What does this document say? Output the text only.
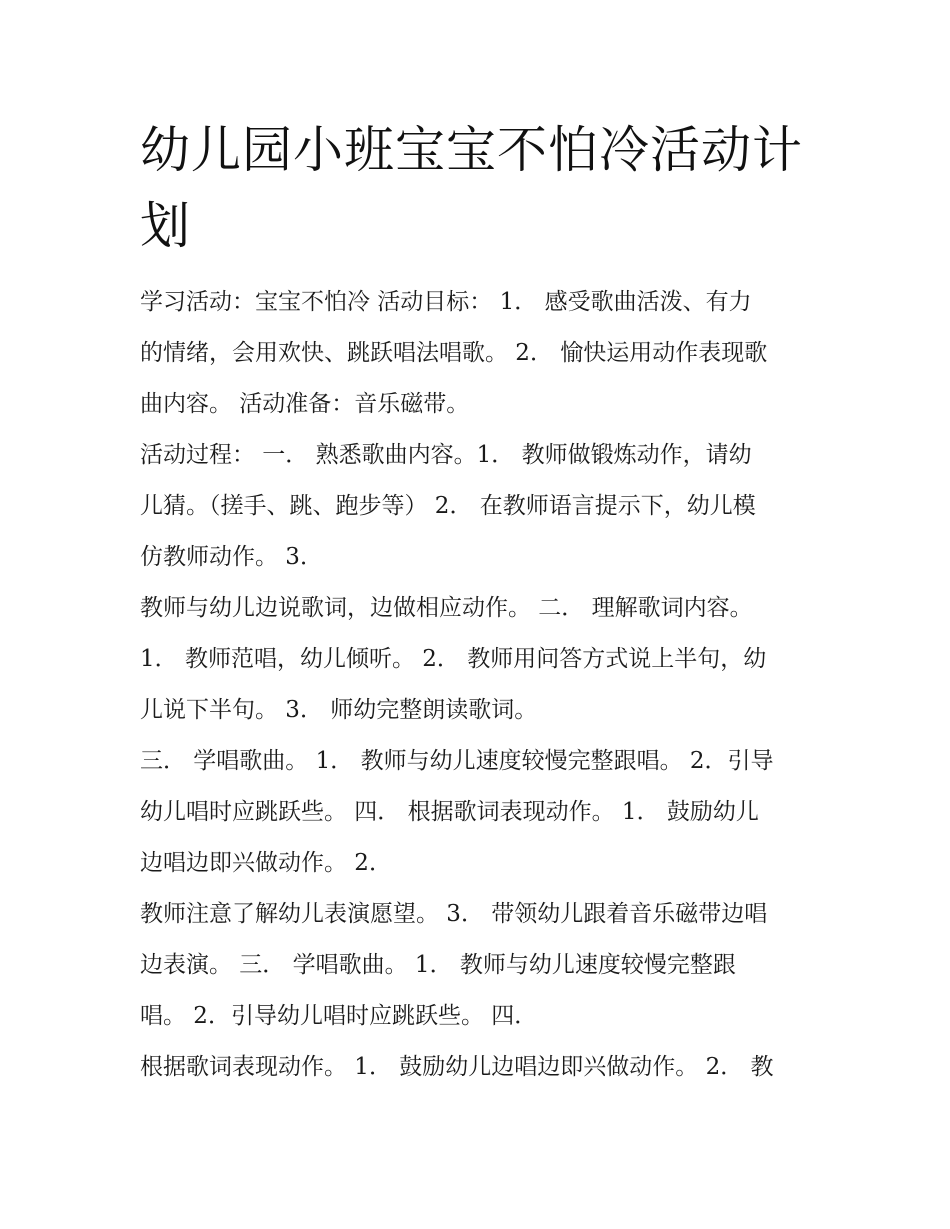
幼儿园小班宝宝不怕冷活动计划
学习活动：宝宝不怕冷 活动目标： 1． 感受歌曲活泼、有力
的情绪，会用欢快、跳跃唱法唱歌。 2． 愉快运用动作表现歌
曲内容。 活动准备：音乐磁带。
活动过程： 一． 熟悉歌曲内容。1． 教师做锻炼动作，请幼
儿猜。（搓手、跳、跑步等） 2． 在教师语言提示下，幼儿模
仿教师动作。 3．
教师与幼儿边说歌词，边做相应动作。 二． 理解歌词内容。
1． 教师范唱，幼儿倾听。 2． 教师用问答方式说上半句，幼
儿说下半句。 3． 师幼完整朗读歌词。
三． 学唱歌曲。 1． 教师与幼儿速度较慢完整跟唱。 2．引导
幼儿唱时应跳跃些。 四． 根据歌词表现动作。 1． 鼓励幼儿
边唱边即兴做动作。 2．
教师注意了解幼儿表演愿望。 3． 带领幼儿跟着音乐磁带边唱
边表演。 三． 学唱歌曲。 1． 教师与幼儿速度较慢完整跟
唱。 2．引导幼儿唱时应跳跃些。 四．
根据歌词表现动作。 1． 鼓励幼儿边唱边即兴做动作。 2． 教
